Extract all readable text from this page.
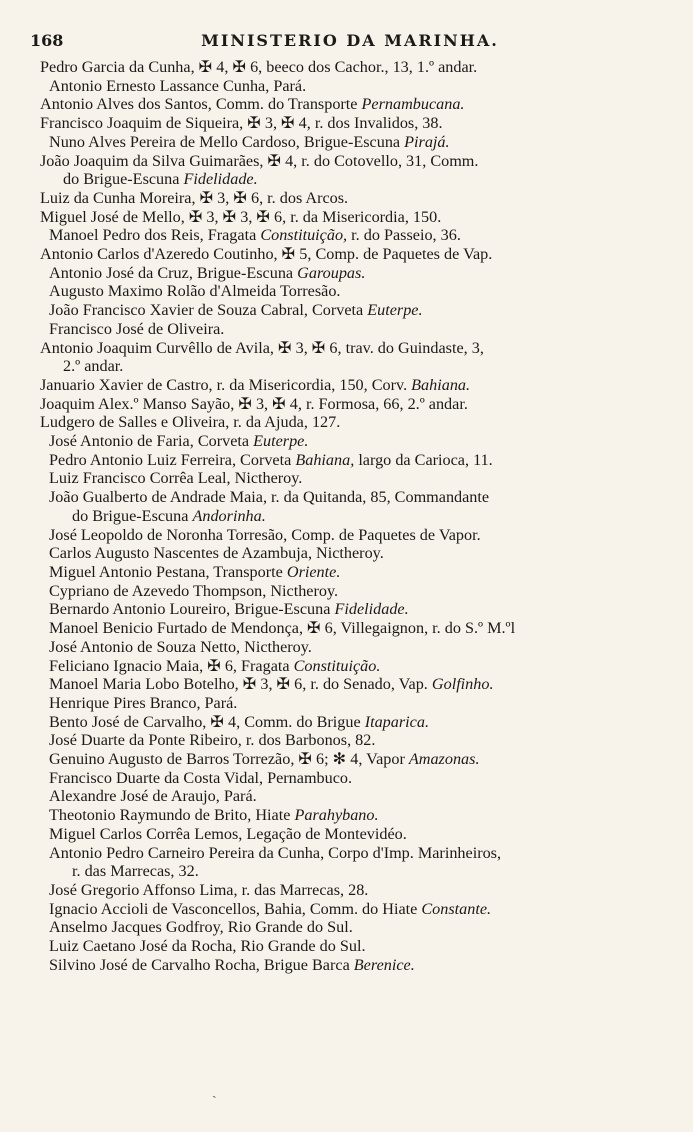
168	MINISTERIO DA MARINHA.
Pedro Garcia da Cunha, ✠ 4, ✠ 6, beeco dos Cachor., 13, 1.º andar.
Antonio Ernesto Lassance Cunha, Pará.
Antonio Alves dos Santos, Comm. do Transporte Pernambucana.
Francisco Joaquim de Siqueira, ✠ 3, ✠ 4, r. dos Invalidos, 38.
Nuno Alves Pereira de Mello Cardoso, Brigue-Escuna Pirajá.
João Joaquim da Silva Guimarães, ✠ 4, r. do Cotovello, 31, Comm.
do Brigue-Escuna Fidelidade.
Luiz da Cunha Moreira, ✠ 3, ✠ 6, r. dos Arcos.
Miguel José de Mello, ✠ 3, ✠ 3, ✠ 6, r. da Misericordia, 150.
Manoel Pedro dos Reis, Fragata Constituição, r. do Passeio, 36.
Antonio Carlos d'Azeredo Coutinho, ✠ 5, Comp. de Paquetes de Vap.
Antonio José da Cruz, Brigue-Escuna Garoupas.
Augusto Maximo Rolão d'Almeida Torresão.
João Francisco Xavier de Souza Cabral, Corveta Euterpe.
Francisco José de Oliveira.
Antonio Joaquim Curvêllo de Avila, ✠ 3, ✠ 6, trav. do Guindaste, 3,
2.º andar.
Januario Xavier de Castro, r. da Misericordia, 150, Corv. Bahiana.
Joaquim Alex.º Manso Sayão, ✠ 3, ✠ 4, r. Formosa, 66, 2.º andar.
Ludgero de Salles e Oliveira, r. da Ajuda, 127.
José Antonio de Faria, Corveta Euterpe.
Pedro Antonio Luiz Ferreira, Corveta Bahiana, largo da Carioca, 11.
Luiz Francisco Corrêa Leal, Nictheroy.
João Gualberto de Andrade Maia, r. da Quitanda, 85, Commandante
do Brigue-Escuna Andorinha.
José Leopoldo de Noronha Torresão, Comp. de Paquetes de Vapor.
Carlos Augusto Nascentes de Azambuja, Nictheroy.
Miguel Antonio Pestana, Transporte Oriente.
Cypriano de Azevedo Thompson, Nictheroy.
Bernardo Antonio Loureiro, Brigue-Escuna Fidelidade.
Manoel Benicio Furtado de Mendonça, ✠ 6, Villegaignon, r. do S.º M.ºl
José Antonio de Souza Netto, Nictheroy.
Feliciano Ignacio Maia, ✠ 6, Fragata Constituição.
Manoel Maria Lobo Botelho, ✠ 3, ✠ 6, r. do Senado, Vap. Golfinho.
Henrique Pires Branco, Pará.
Bento José de Carvalho, ✠ 4, Comm. do Brigue Itaparica.
José Duarte da Ponte Ribeiro, r. dos Barbonos, 82.
Genuino Augusto de Barros Torrezão, ✠ 6; ✻ 4, Vapor Amazonas.
Francisco Duarte da Costa Vidal, Pernambuco.
Alexandre José de Araujo, Pará.
Theotonio Raymundo de Brito, Hiate Parahybano.
Miguel Carlos Corrêa Lemos, Legação de Montevidéo.
Antonio Pedro Carneiro Pereira da Cunha, Corpo d'Imp. Marinheiros,
r. das Marrecas, 32.
José Gregorio Affonso Lima, r. das Marrecas, 28.
Ignacio Accioli de Vasconcellos, Bahia, Comm. do Hiate Constante.
Anselmo Jacques Godfroy, Rio Grande do Sul.
Luiz Caetano José da Rocha, Rio Grande do Sul.
Silvino José de Carvalho Rocha, Brigue Barca Berenice.
ˎ
